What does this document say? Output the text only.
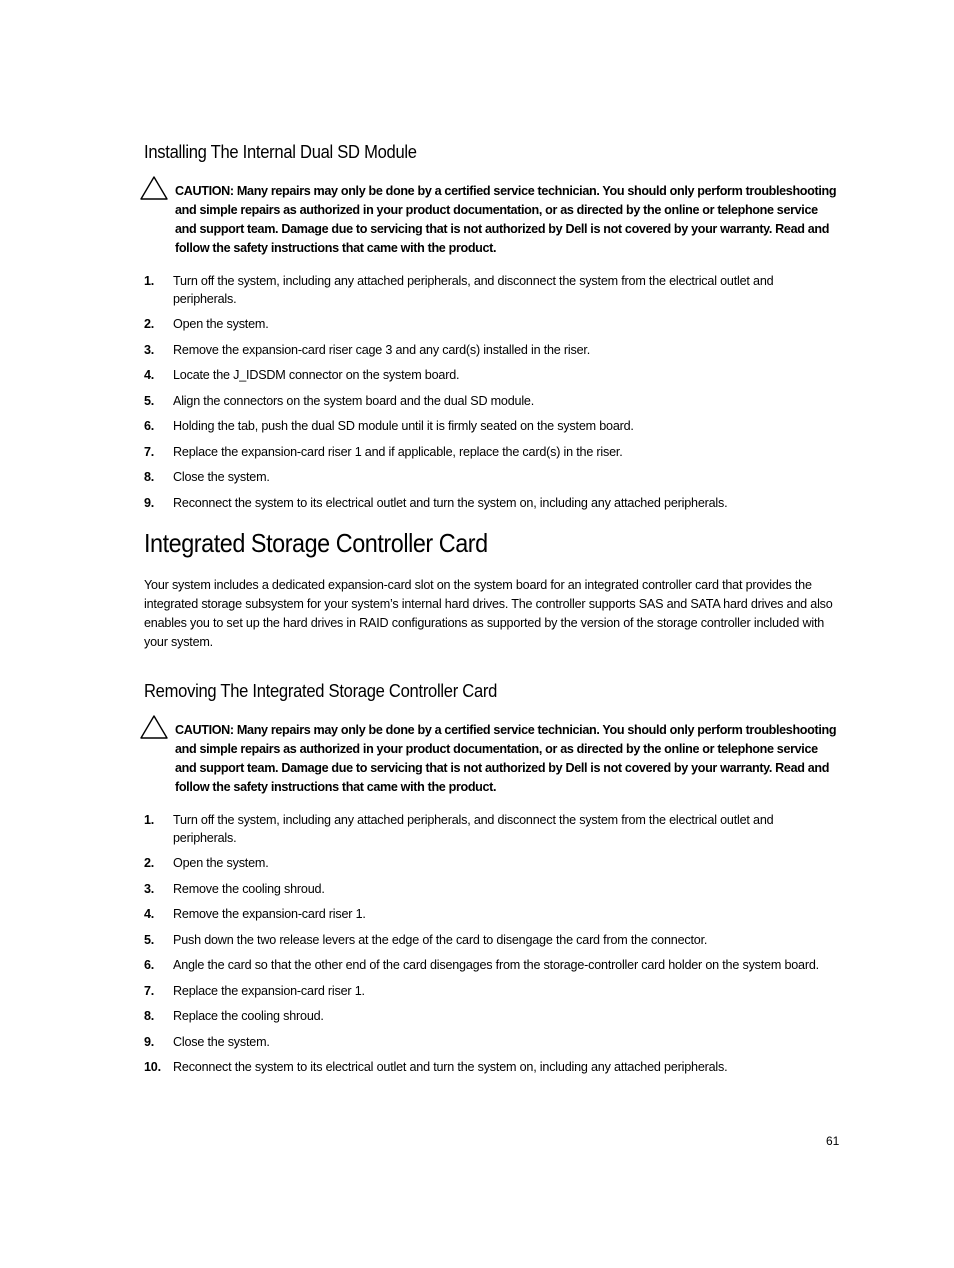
Installing The Internal Dual SD Module
CAUTION: Many repairs may only be done by a certified service technician. You should only perform troubleshooting and simple repairs as authorized in your product documentation, or as directed by the online or telephone service and support team. Damage due to servicing that is not authorized by Dell is not covered by your warranty. Read and follow the safety instructions that came with the product.
1. Turn off the system, including any attached peripherals, and disconnect the system from the electrical outlet and peripherals.
2. Open the system.
3. Remove the expansion-card riser cage 3 and any card(s) installed in the riser.
4. Locate the J_IDSDM connector on the system board.
5. Align the connectors on the system board and the dual SD module.
6. Holding the tab, push the dual SD module until it is firmly seated on the system board.
7. Replace the expansion-card riser 1 and if applicable, replace the card(s) in the riser.
8. Close the system.
9. Reconnect the system to its electrical outlet and turn the system on, including any attached peripherals.
Integrated Storage Controller Card

Your system includes a dedicated expansion-card slot on the system board for an integrated controller card that provides the integrated storage subsystem for your system’s internal hard drives. The controller supports SAS and SATA hard drives and also enables you to set up the hard drives in RAID configurations as supported by the version of the storage controller included with your system.

Removing The Integrated Storage Controller Card
CAUTION: Many repairs may only be done by a certified service technician. You should only perform troubleshooting and simple repairs as authorized in your product documentation, or as directed by the online or telephone service and support team. Damage due to servicing that is not authorized by Dell is not covered by your warranty. Read and follow the safety instructions that came with the product.
1. Turn off the system, including any attached peripherals, and disconnect the system from the electrical outlet and peripherals.
2. Open the system.
3. Remove the cooling shroud.
4. Remove the expansion-card riser 1.
5. Push down the two release levers at the edge of the card to disengage the card from the connector.
6. Angle the card so that the other end of the card disengages from the storage-controller card holder on the system board.
7. Replace the expansion-card riser 1.
8. Replace the cooling shroud.
9. Close the system.
10. Reconnect the system to its electrical outlet and turn the system on, including any attached peripherals.
61
